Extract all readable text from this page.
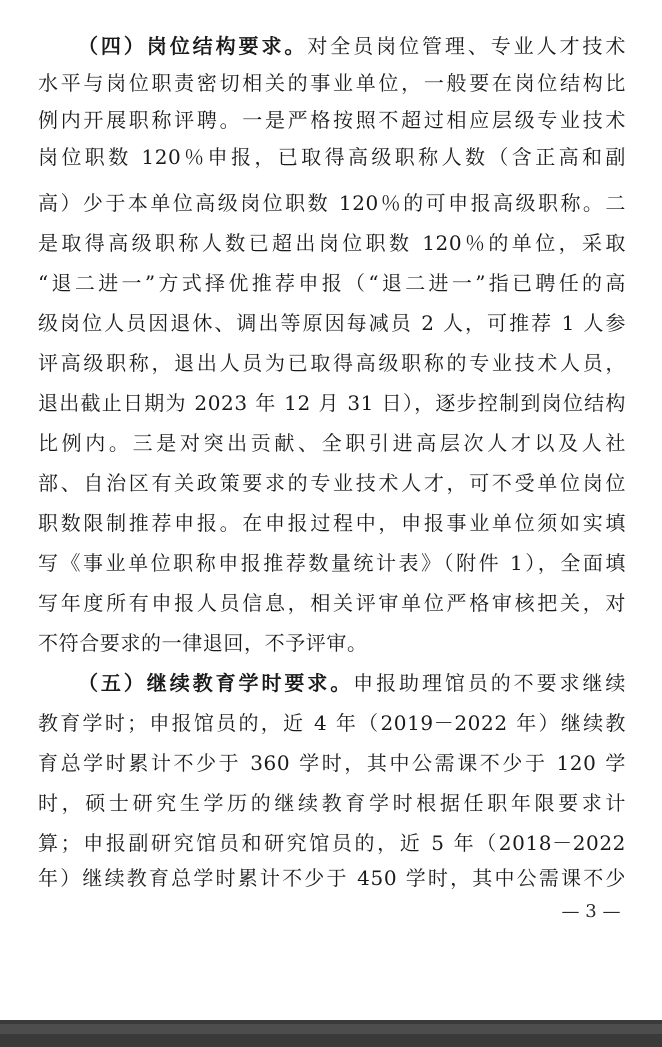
（四）岗位结构要求。对全员岗位管理、专业人才技术
水平与岗位职责密切相关的事业单位，一般要在岗位结构比
例内开展职称评聘。一是严格按照不超过相应层级专业技术
岗位职数 120％申报，已取得高级职称人数（含正高和副
高）少于本单位高级岗位职数 120％的可申报高级职称。二
是取得高级职称人数已超出岗位职数 120％的单位，采取
“退二进一”方式择优推荐申报（“退二进一”指已聘任的高
级岗位人员因退休、调出等原因每减员 2 人，可推荐 1 人参
评高级职称，退出人员为已取得高级职称的专业技术人员，
退出截止日期为 2023 年 12 月 31 日），逐步控制到岗位结构
比例内。三是对突出贡献、全职引进高层次人才以及人社
部、自治区有关政策要求的专业技术人才，可不受单位岗位
职数限制推荐申报。在申报过程中，申报事业单位须如实填
写《事业单位职称申报推荐数量统计表》（附件 1），全面填
写年度所有申报人员信息，相关评审单位严格审核把关，对
不符合要求的一律退回，不予评审。
（五）继续教育学时要求。申报助理馆员的不要求继续
教育学时；申报馆员的，近 4 年（2019－2022 年）继续教
育总学时累计不少于 360 学时，其中公需课不少于 120 学
时，硕士研究生学历的继续教育学时根据任职年限要求计
算；申报副研究馆员和研究馆员的，近 5 年（2018－2022
年）继续教育总学时累计不少于 450 学时，其中公需课不少
— 3 —
